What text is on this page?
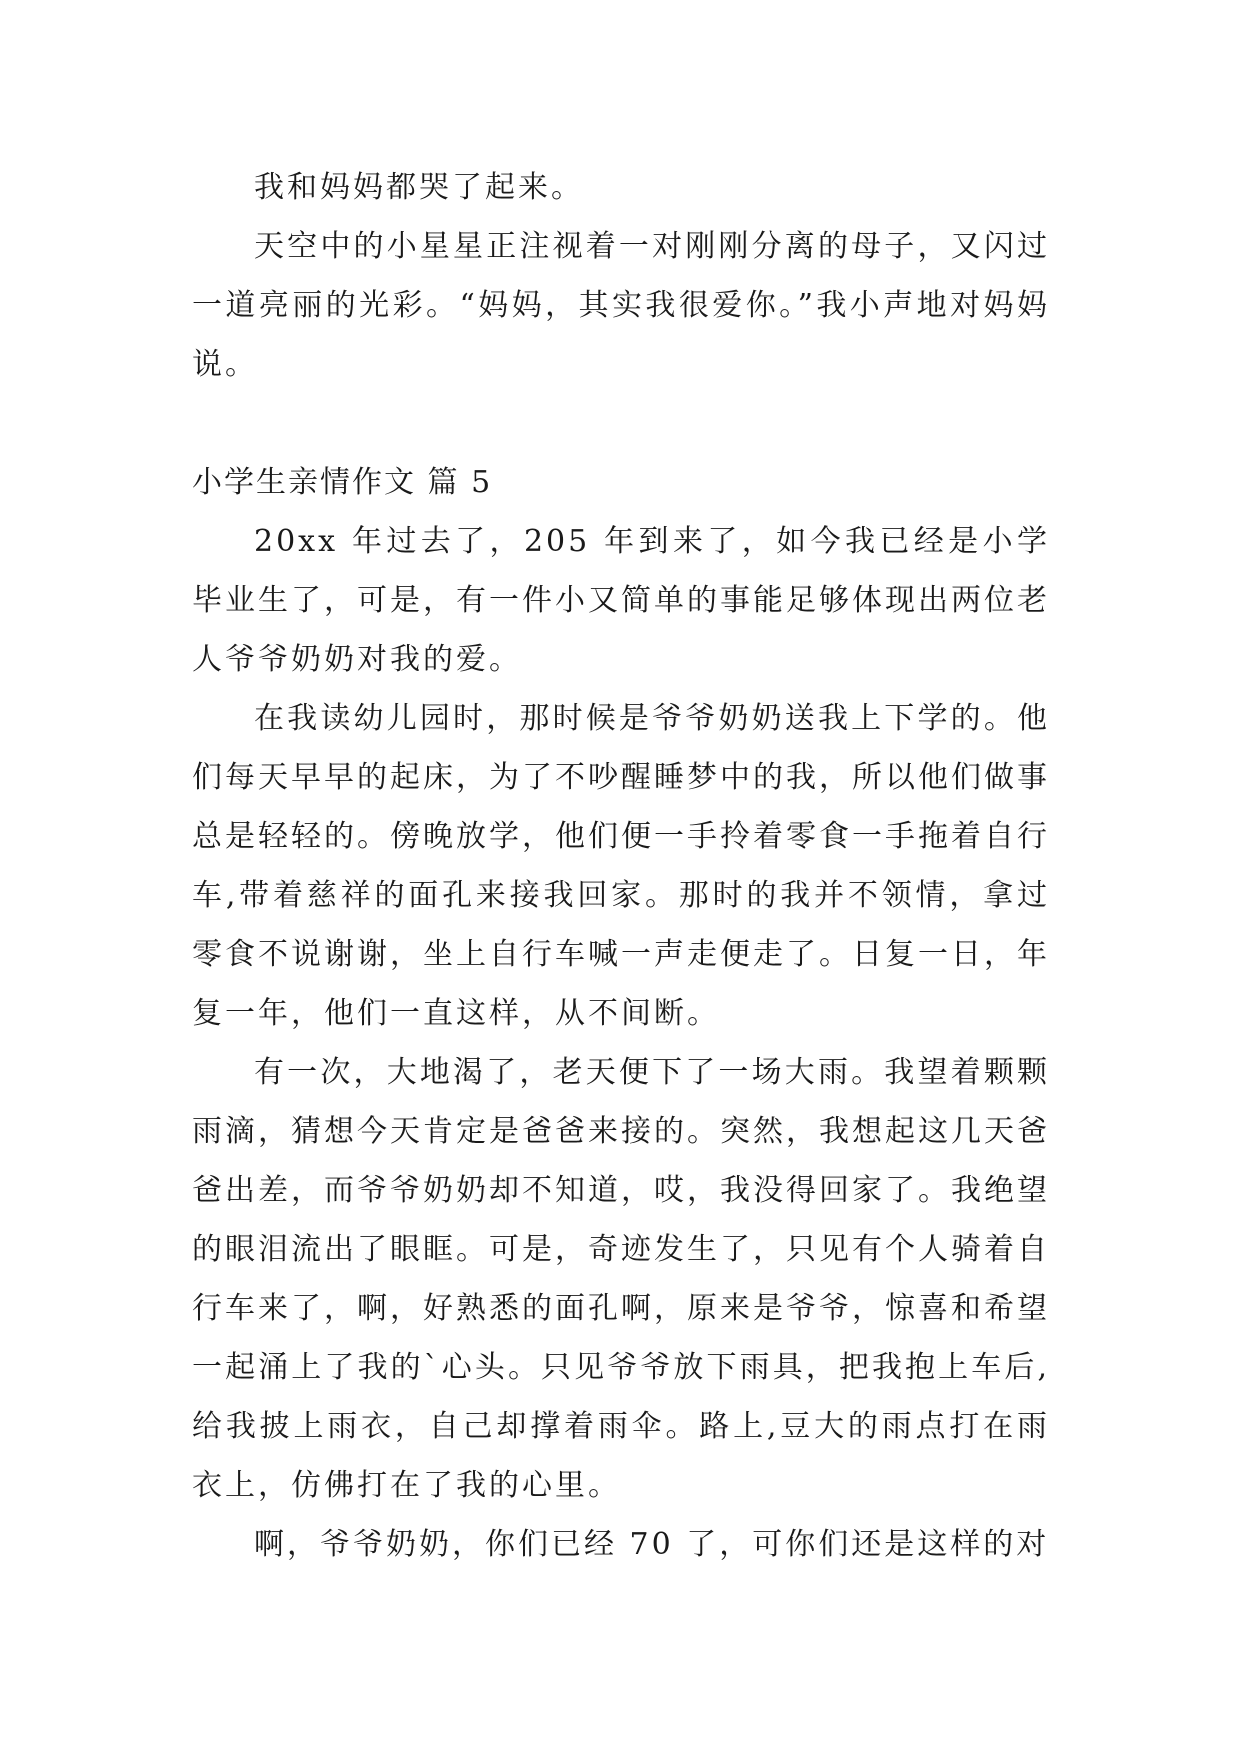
我和妈妈都哭了起来。

天空中的小星星正注视着一对刚刚分离的母子，又闪过一道亮丽的光彩。“妈妈，其实我很爱你。”我小声地对妈妈说。

小学生亲情作文 篇 5

20xx 年过去了，205 年到来了，如今我已经是小学毕业生了，可是，有一件小又简单的事能足够体现出两位老人爷爷奶奶对我的爱。

在我读幼儿园时，那时候是爷爷奶奶送我上下学的。他们每天早早的起床，为了不吵醒睡梦中的我，所以他们做事总是轻轻的。傍晚放学，他们便一手拎着零食一手拖着自行车,带着慈祥的面孔来接我回家。那时的我并不领情，拿过零食不说谢谢，坐上自行车喊一声走便走了。日复一日，年复一年，他们一直这样，从不间断。

有一次，大地渴了，老天便下了一场大雨。我望着颗颗雨滴，猜想今天肯定是爸爸来接的。突然，我想起这几天爸爸出差，而爷爷奶奶却不知道，哎，我没得回家了。我绝望的眼泪流出了眼眶。可是，奇迹发生了，只见有个人骑着自行车来了，啊，好熟悉的面孔啊，原来是爷爷，惊喜和希望一起涌上了我的`心头。只见爷爷放下雨具，把我抱上车后,给我披上雨衣，自己却撑着雨伞。路上,豆大的雨点打在雨衣上，仿佛打在了我的心里。

啊，爷爷奶奶，你们已经 70 了，可你们还是这样的对
